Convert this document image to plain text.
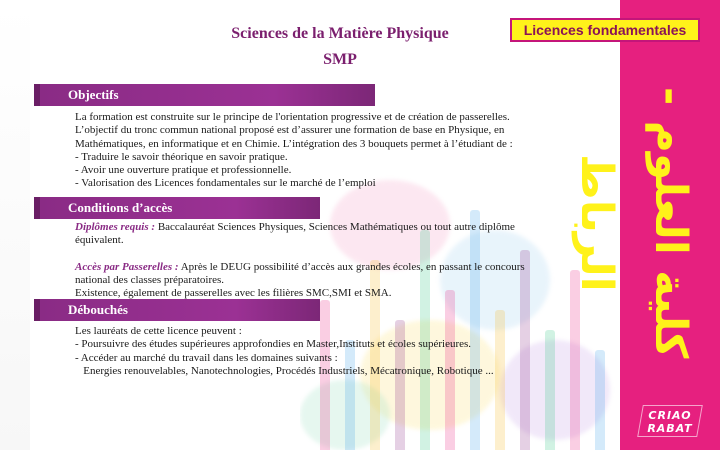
Sciences de la Matière Physique
SMP
Objectifs

La formation est construite sur le principe de l'orientation progressive et de création de passerelles.

L’objectif du tronc commun national proposé est d’assurer une formation de base en Physique, en

Mathématiques, en informatique et en Chimie. L’intégration des 3 bouquets permet à l’étudiant de :

- Traduire le savoir théorique en savoir pratique.

- Avoir une ouverture pratique et professionnelle.

- Valorisation des Licences fondamentales sur le marché de l’emploi

Conditions d’accès

Diplômes requis : Baccalauréat Sciences Physiques, Sciences Mathématiques ou tout autre diplôme

équivalent.

Accès par Passerelles : Après le DEUG possibilité d’accès aux grandes écoles, en passant le concours

national des classes préparatoires.

Existence, également de passerelles avec les filières SMC,SMI et SMA.

Débouchés

Les lauréats de cette licence peuvent :

- Poursuivre des études supérieures approfondies en Master,Instituts et écoles supérieures.

- Accéder au marché du travail dans les domaines suivants :

Energies renouvelables, Nanotechnologies, Procédés Industriels, Mécatronique, Robotique ...

Licences fondamentales
كلية العلوم - الرباط
CRIAO
RABAT
